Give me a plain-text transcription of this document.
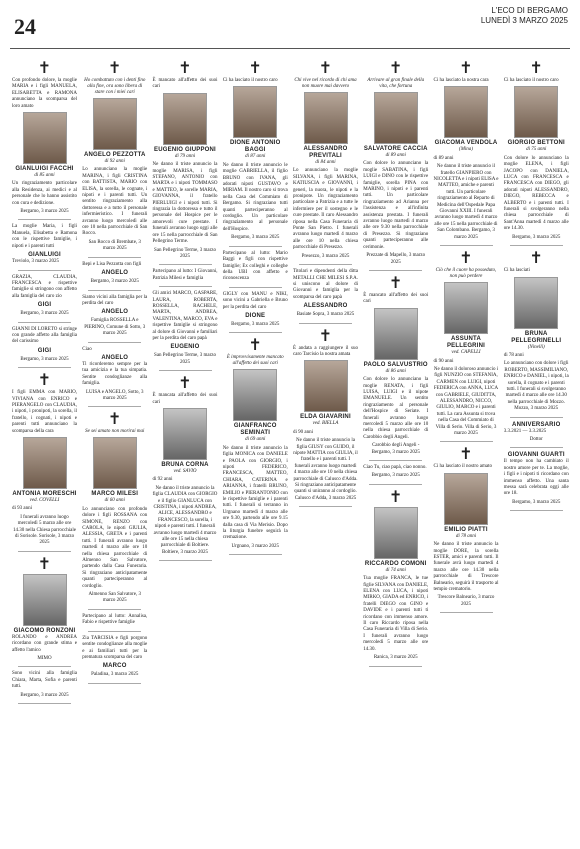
24
L'ECO DI BERGAMO
LUNEDÌ 3 MARZO 2025
✝
Con profondo dolore, la moglie MARIA e i figli MANUELA, ELISABETTA e RAMONA annunciano la scomparsa del loro amato
GIANLUIGI FACCHI
di 85 anni
Un ringraziamento particolare alla Residenza, ai medici e al personale che lo hanno assistito con cura e dedizione.
Bergamo, 3 marzo 2025
La moglie Maria, i figli Manuela, Elisabetta e Ramona con le rispettive famiglie, i nipoti e i parenti tutti
GIANLUIGI
Treviolo, 3 marzo 2025
GRAZIA, CLAUDIA, FRANCESCA e rispettive famiglie si stringono con affetto alla famiglia del caro zio
GIGI
Bergamo, 3 marzo 2025
GIANNI DI LORETO si stringe con grande affetto alla famiglia del carissimo
GIGI
Bergamo, 3 marzo 2025
✝
I figli EMMA con MARIO, VIVIANA con ENRICO e PIERANGELO con CLAUDIA, i nipoti, i pronipoti, la sorella, il fratello, i cognati, i nipoti e parenti tutti annunciano la scomparsa della cara
ANTONIA MORESCHI
ved. COVELLI
di 93 anni
I funerali avranno luogo mercoledì 5 marzo alle ore 14.30 nella Chiesa parrocchiale di Sorisole. Sorisole, 3 marzo 2025
✝
GIACOMO RONZONI
ROLANDO e ANDREA ricordano con grande stima e affetto l'amico
MIMO
Sono vicini alla famiglia Chiara, Marta, Sofia e parenti tutti.
Bergamo, 3 marzo 2025
✝
Ho combattuto con i denti fino alla fine, ora sono libera di stare con i miei cari
ANGELO PEZZOTTA
di 92 anni
Lo annunciano la moglie MARINA, i figli CRISTINA con BATTISTA, MARIO con ELISA, la sorella, le cognate, i nipoti e i parenti tutti. Un sentito ringraziamento alla dottoressa e a tutto il personale infermieristico. I funerali avranno luogo mercoledì alle ore 10 nella parrocchiale di San Rocco.
San Rocco di Brembate, 3 marzo 2025
Bepi e Lisa Pezzotta con figli
ANGELO
Bergamo, 3 marzo 2025
Siamo vicini alla famiglia per la perdita del caro
ANGELO
Famiglia ROSSELLA e PIERINO, Comune di Sotto, 3 marzo 2025
Ciao
ANGELO
Ti ricorderemo sempre per la tua amicizia e la tua simpatia. Sentite condoglianze alla famiglia.
LUISA e ANGELO, Sotto, 3 marzo 2025
✝
Se sei amato non morirai mai
MARCO MILESI
di 60 anni
Lo annunciano con profondo dolore i figli ROSSANA con SIMONE, RENZO con CAROLA, le nipoti GIULIA, ALESSIA, GRETA e i parenti tutti. I funerali avranno luogo martedì 4 marzo alle ore 10 nella chiesa parrocchiale di Almenno San Salvatore, partendo dalla Casa Funeraria. Si ringraziano anticipatamente quanti parteciperanno al cordoglio.
Almenno San Salvatore, 3 marzo 2025
Partecipano al lutto: Annalisa, Fabio e rispettive famiglie
Zia TARCISIA e figli porgono sentite condoglianze alla moglie e ai familiari tutti per la prematura scomparsa del caro
MARCO
Paladina, 3 marzo 2025
✝
È mancato all'affetto dei suoi cari
EUGENIO GIUPPONI
di 79 anni
Ne danno il triste annuncio la moglie MARISA, i figli STEFANO, ANTONIO con MARTA e i nipoti TOMMASO e MATTEO, le sorelle MARIA, GIOVANNA, il fratello PIERLUIGI e i nipoti tutti. Si ringrazia la dottoressa e tutto il personale del Hospice per le amorevoli cure prestate. I funerali avranno luogo oggi alle ore 15 nella parrocchiale di San Pellegrino Terme.
San Pellegrino Terme, 3 marzo 2025
Partecipano al lutto: I Giovanni, Patrizia Milesi e famiglia
Gli amici MARCO, GASPARE, LAURA, ROBERTA, ROSSELLA, RACHELE, MARTA, ANDREA, VALENTINA, MARCO, EVA e rispettive famiglie si stringono al dolore di Giovanni e familiari per la perdita del caro papà
EUGENIO
San Pellegrino Terme, 3 marzo 2025
✝
È mancata all'affetto dei suoi cari
BRUNA CORNA
ved. SAVIO
di 92 anni
Ne danno il triste annuncio la figlia CLAUDIA con GIORGIO e il figlio GIANLUCA con CRISTINA, i nipoti ANDREA, ALICE, ALESSANDRO e FRANCESCO, la sorella, i nipoti e parenti tutti. I funerali avranno luogo martedì 4 marzo alle ore 15 nella chiesa parrocchiale di Boltiere. Boltiere, 3 marzo 2025
✝
Ci ha lasciato il nostro caro
DIONE ANTONIO BAGGI
di 87 anni
Ne danno il triste annuncio le moglie GABRIELLA, il figlio BRUNO con IVANA, gli adorati nipoti GUSTAVO e MIRIAM. Il nostro caro si trova nella Casa del Commiato di Bergamo. Si ringraziano tutti quanti parteciperanno al cordoglio. Un particolare ringraziamento al personale dell'Hospice.
Bergamo, 3 marzo 2025
Partecipano al lutto: Mario Baggi e figli con rispettive famiglie; Ex colleghi e colleghe della UBI con affetto e riconoscenza
GIGLY con MANU e NIKI, sono vicini a Gabriella e Bruno per la perdita del caro
DIONE
Bergamo, 3 marzo 2025
✝
È improvvisamente mancato all'affetto dei suoi cari
GIANFRANCO SEMINATI
di 69 anni
Ne danno il triste annuncio la figlia MONICA con DANIELE e PAOLA con GIORGIO, i nipoti FEDERICO, FRANCESCA, MATTEO, CHIARA, CATERINA e ARIANNA, i fratelli BRUNO, EMILIO e PIERANTONIO con le rispettive famiglie e i parenti tutti. I funerali si terranno in Urgnano martedì 4 marzo alle ore 9.30, partendo alle ore 9.15 dalla casa di Via Merisio. Dopo la liturgia funebre seguirà la cremazione.
Urgnano, 3 marzo 2025
✝
Chi vive nel ricordo di chi ama non muore mai davvero
ALESSANDRO PREVITALI
di 84 anni
Lo annunciano la moglie SILVANA, i figli MARINA, KATIUSCIA e GIOVANNI, i generi, la nuora, le nipoti e la pronipote. Un ringraziamento particolare a Patrizia e a tutte le infermiere per il sostegno e le cure prestate. Il caro Alessandro riposa nella Casa Funeraria di Ponte San Pietro. I funerali avranno luogo martedì 4 marzo alle ore 10 nella chiesa parrocchiale di Presezzo.
Presezzo, 3 marzo 2025
Titolari e dipendenti della ditta METALLI CHE MILESI S.P.A. si uniscono al dolore di Giovanni e famiglia per la scomparsa del caro papà
ALESSANDRO
Basiate Sopra, 3 marzo 2025
✝
È andata a raggiungere il suo caro Tarcisio la nostra amata
ELDA GIAVARINI
ved. BIELLA
di 90 anni
Ne danno il triste annuncio la figlia GIUSY con GUIDO, il nipote MATTIA con GIULIA, il fratello e i parenti tutti. I funerali avranno luogo martedì 4 marzo alle ore 10 nella chiesa parrocchiale di Calusco d'Adda. Si ringraziano anticipatamente quanti si uniranno al cordoglio. Calusco d'Adda, 3 marzo 2025
✝
Arrivare al gran finale della vita, che fortuna
SALVATORE CACCIA
di 89 anni
Con dolore lo annunciano la moglie SABATINA, i figli LUIGI e DINO con le rispettive famiglie, sorella PINA con MARINO, i nipoti e i parenti tutti. Un particolare ringraziamento ad Arianna per l'assistenza e all'infinita assistenza prestata. I funerali avranno luogo martedì 4 marzo alle ore 9.30 nella parrocchiale di Presezzo. Si ringraziano quanti parteciperanno alle cerimonie.
Prezzate di Mapello, 3 marzo 2025
✝
È mancato all'affetto dei suoi cari
PAOLO SALVUSTRIO
di 86 anni
Con dolore lo annunciano la moglie RENATA, i figli LUISA, LUIGI e il nipote EMANUELE. Un sentito ringraziamento al personale dell'Hospice di Seriate. I funerali avranno luogo mercoledì 5 marzo alle ore 10 nella chiesa parrocchiale di Carobbio degli Angeli.
Carobbio degli Angeli - Bergamo, 3 marzo 2025
Ciao Tu, ciao papà, ciao nonno.
Bergamo, 3 marzo 2025
✝
RICCARDO COMONI
di 74 anni
Tua moglie FRANCA, le tue figlie SILVANA con DANIELE, ELENA con LUCA, i nipoti MIRKO, GIADA ed ENRICO, i fratelli DIEGO con GINO e DAVIDE e i parenti tutti ti ricordano con immenso amore. Il caro Riccardo riposa nella Casa Funeraria di Villa di Serio. I funerali avranno luogo mercoledì 5 marzo alle ore 14.30.
Ranica, 3 marzo 2025
✝
Ci ha lasciato la nostra cara
GIACOMA VENDOLA
(Mina)
di 89 anni
Ne danno il triste annuncio il fratello GIANPIERO con NICOLETTA e i nipoti ELISA e MATTEO, amiche e parenti tutti. Un particolare ringraziamento al Reparto di Medicina dell'Ospedale Papa Giovanni XXIII. I funerali avranno luogo martedì 4 marzo alle ore 15 nella parrocchiale di San Colombano. Bergamo, 3 marzo 2025
✝
Ciò che il cuore ha posseduto, non può perdere
ASSUNTA PELLEGRINI
ved. CAPELLI
di 90 anni
Ne danno il doloroso annuncio i figli NUNZIO con STEFANIA, CARMEN con LUIGI, nipoti FEDERICA con ANNA, LUCA con GABRIELE, GIUDITTA, ALESSANDRO, NICCO, GIULIO, MARCO e i parenti tutti. La cara Assunta si trova nella Casa del Commiato di Villa di Serio. Villa di Serio, 3 marzo 2025
✝
Ci ha lasciato il nostro amato
EMILIO PIATTI
di 78 anni
Ne danno il triste annuncio la moglie DORE, la sorella ESTER, amici e parenti tutti. Il funerale avrà luogo martedì 4 marzo alle ore 14.30 nella parrocchiale di Trescore Balneario, seguirà il trasporto al tempio crematorio.
Trescore Balneario, 3 marzo 2025
✝
Ci ha lasciato il nostro caro
GIORGIO BETTONI
di 75 anni
Con dolore lo annunciano la moglie ELENA, i figli JACOPO con DANIELA, LUCA con FRANCESCA e FRANCESCA con DIEGO, gli adorati nipoti ALESSANDRO, DIEGO, REBECCA e ALBERTO e i parenti tutti. I funerali si svolgeranno nella chiesa parrocchiale di Sant'Anna martedì 4 marzo alle ore 14.30.
Bergamo, 3 marzo 2025
✝
Ci ha lasciati
BRUNA PELLEGRINELLI
(Ninelli)
di 78 anni
Lo annunciano con dolore i figli ROBERTO, MASSIMILIANO, ENRICO e DANIEL, i nipoti, la sorella, il cognato e i parenti tutti. I funerali si svolgeranno martedì 4 marzo alle ore 14.30 nella parrocchiale di Mozzo. Mozzo, 3 marzo 2025
ANNIVERSARIO
3.3.2021 — 3.3.2025
Dottor
GIOVANNI GUARTI
Il tempo non ha cambiato il nostro amore per te. La moglie, i figli e i nipoti ti ricordano con immenso affetto. Una santa messa sarà celebrata oggi alle ore 18.
Bergamo, 3 marzo 2025
